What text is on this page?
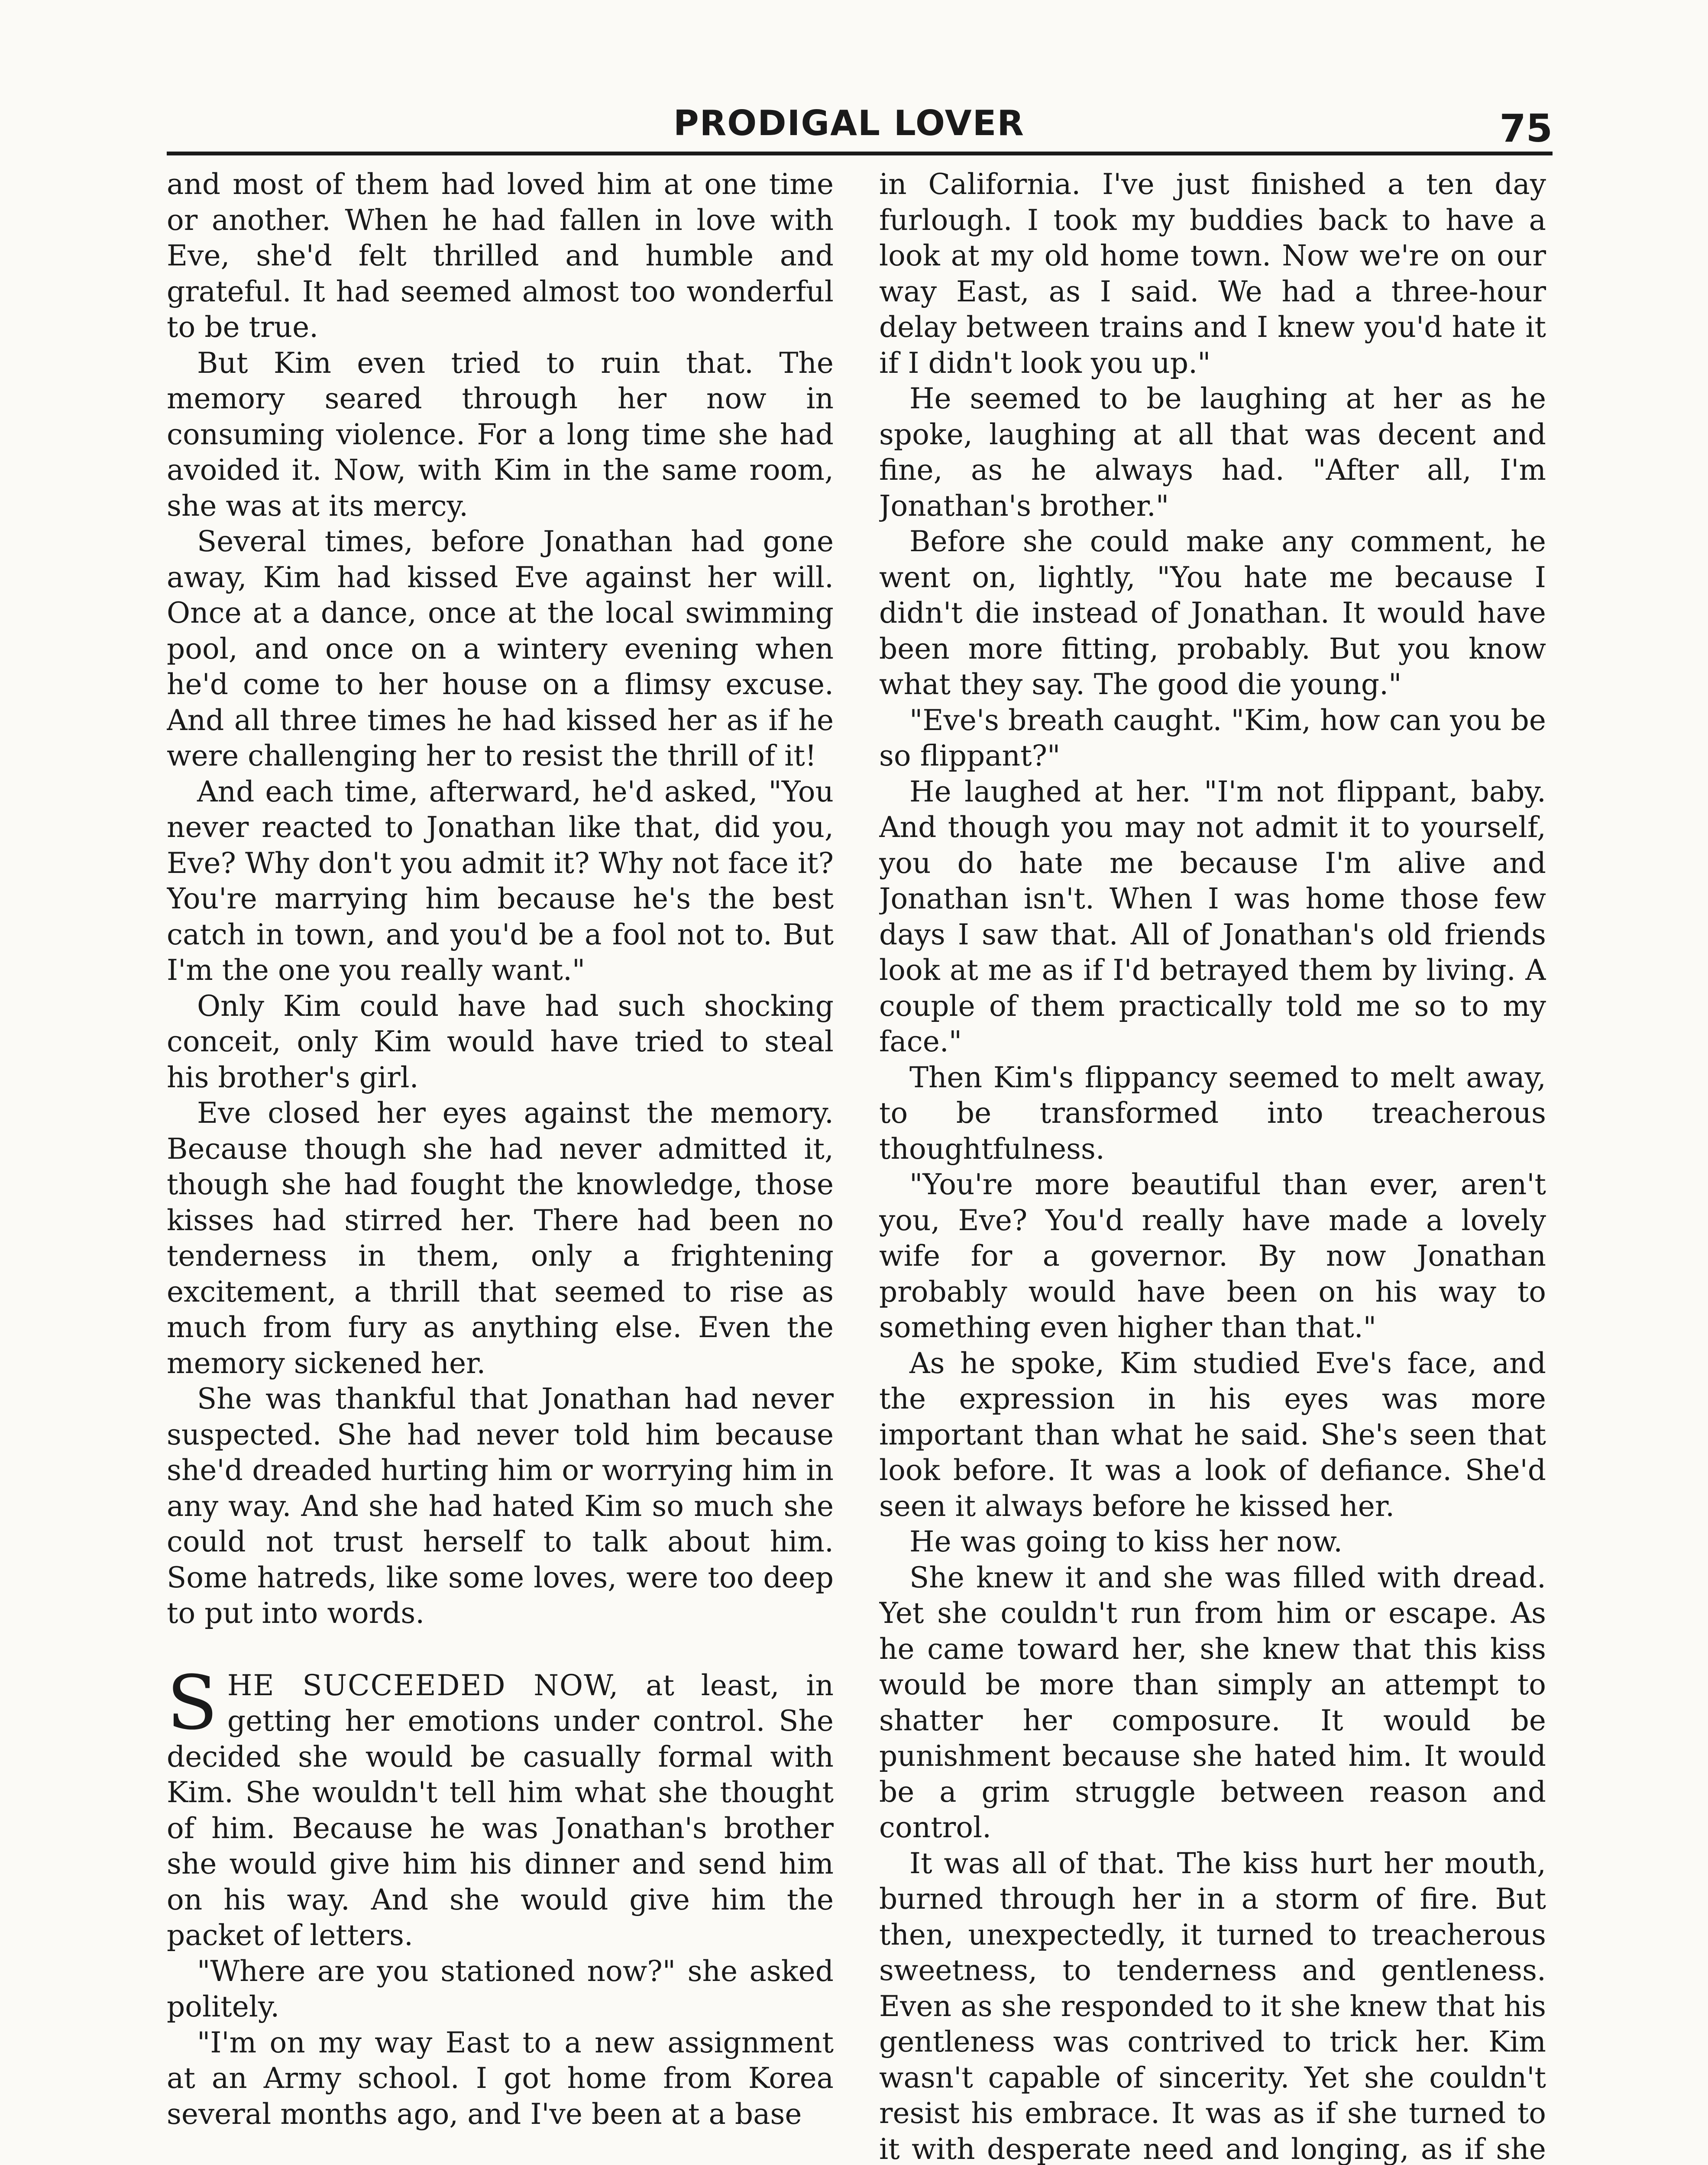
PRODIGAL LOVER	75

and most of them had loved him at one time or another. When he had fallen in love with Eve, she'd felt thrilled and humble and grateful. It had seemed almost too wonderful to be true.

But Kim even tried to ruin that. The memory seared through her now in consuming violence. For a long time she had avoided it. Now, with Kim in the same room, she was at its mercy.

Several times, before Jonathan had gone away, Kim had kissed Eve against her will. Once at a dance, once at the local swimming pool, and once on a wintery evening when he'd come to her house on a flimsy excuse. And all three times he had kissed her as if he were challenging her to resist the thrill of it!

And each time, afterward, he'd asked, "You never reacted to Jonathan like that, did you, Eve? Why don't you admit it? Why not face it? You're marrying him because he's the best catch in town, and you'd be a fool not to. But I'm the one you really want."

Only Kim could have had such shocking conceit, only Kim would have tried to steal his brother's girl.

Eve closed her eyes against the memory. Because though she had never admitted it, though she had fought the knowledge, those kisses had stirred her. There had been no tenderness in them, only a frightening excitement, a thrill that seemed to rise as much from fury as anything else. Even the memory sickened her.

She was thankful that Jonathan had never suspected. She had never told him because she'd dreaded hurting him or worrying him in any way. And she had hated Kim so much she could not trust herself to talk about him. Some hatreds, like some loves, were too deep to put into words.

SHE SUCCEEDED NOW, at least, in getting her emotions under control. She decided she would be casually formal with Kim. She wouldn't tell him what she thought of him. Because he was Jonathan's brother she would give him his dinner and send him on his way. And she would give him the packet of letters.

"Where are you stationed now?" she asked politely.

"I'm on my way East to a new assignment at an Army school. I got home from Korea several months ago, and I've been at a base

in California. I've just finished a ten day furlough. I took my buddies back to have a look at my old home town. Now we're on our way East, as I said. We had a three-hour delay between trains and I knew you'd hate it if I didn't look you up."

He seemed to be laughing at her as he spoke, laughing at all that was decent and fine, as he always had. "After all, I'm Jonathan's brother."

Before she could make any comment, he went on, lightly, "You hate me because I didn't die instead of Jonathan. It would have been more fitting, probably. But you know what they say. The good die young."

"Eve's breath caught. "Kim, how can you be so flippant?"

He laughed at her. "I'm not flippant, baby. And though you may not admit it to yourself, you do hate me because I'm alive and Jonathan isn't. When I was home those few days I saw that. All of Jonathan's old friends look at me as if I'd betrayed them by living. A couple of them practically told me so to my face."

Then Kim's flippancy seemed to melt away, to be transformed into treacherous thoughtfulness.

"You're more beautiful than ever, aren't you, Eve? You'd really have made a lovely wife for a governor. By now Jonathan probably would have been on his way to something even higher than that."

As he spoke, Kim studied Eve's face, and the expression in his eyes was more important than what he said. She's seen that look before. It was a look of defiance. She'd seen it always before he kissed her.

He was going to kiss her now.

She knew it and she was filled with dread. Yet she couldn't run from him or escape. As he came toward her, she knew that this kiss would be more than simply an attempt to shatter her composure. It would be punishment because she hated him. It would be a grim struggle between reason and control.

It was all of that. The kiss hurt her mouth, burned through her in a storm of fire. But then, unexpectedly, it turned to treacherous sweetness, to tenderness and gentleness. Even as she responded to it she knew that his gentleness was contrived to trick her. Kim wasn't capable of sincerity. Yet she couldn't resist his embrace. It was as if she turned to it with desperate need and longing, as if she
